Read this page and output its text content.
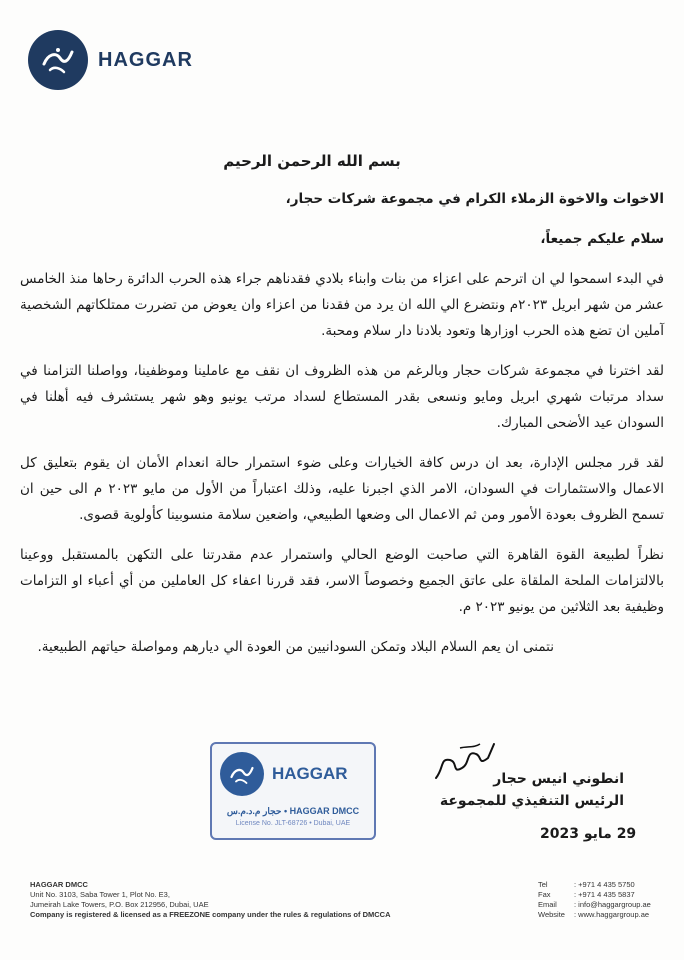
HAGGAR
بسم الله الرحمن الرحيم
الاخوات والاخوة الزملاء الكرام في مجموعة شركات حجار،
سلام عليكم جميعاً،
في البدء اسمحوا لي ان اترحم على اعزاء من بنات وابناء بلادي فقدناهم جراء هذه الحرب الدائرة رحاها منذ الخامس عشر من شهر ابريل ٢٠٢٣م ونتضرع الي الله ان يرد من فقدنا من اعزاء وان يعوض من تضررت ممتلكاتهم الشخصية آملين ان تضع هذه الحرب اوزارها وتعود بلادنا دار سلام ومحبة.
لقد اخترنا في مجموعة شركات حجار وبالرغم من هذه الظروف ان نقف مع عاملينا وموظفينا، وواصلنا التزامنا في سداد مرتبات شهري ابريل ومايو ونسعى بقدر المستطاع لسداد مرتب يونيو وهو شهر يستشرف فيه أهلنا في السودان عيد الأضحى المبارك.
لقد قرر مجلس الإدارة، بعد ان درس كافة الخيارات وعلى ضوء استمرار حالة انعدام الأمان ان يقوم بتعليق كل الاعمال والاستثمارات في السودان، الامر الذي اجبرنا عليه، وذلك اعتباراً من الأول من مايو ٢٠٢٣ م الى حين ان تسمح الظروف بعودة الأمور ومن ثم الاعمال الى وضعها الطبيعي، واضعين سلامة منسوبينا كأولوية قصوى.
نظراً لطبيعة القوة القاهرة التي صاحبت الوضع الحالي واستمرار عدم مقدرتنا على التكهن بالمستقبل ووعينا بالالتزامات الملحة الملقاة على عاتق الجميع وخصوصاً الاسر، فقد قررنا اعفاء كل العاملين من أي أعباء او التزامات وظيفية بعد الثلاثين من يونيو ٢٠٢٣ م.
نتمنى ان يعم السلام البلاد وتمكن السودانيين من العودة الي ديارهم ومواصلة حياتهم الطبيعية.
HAGGAR
حجار م.د.م.س • HAGGAR DMCC
License No. JLT-68726 • Dubai, UAE
انطوني انيس حجار
الرئيس التنفيذي للمجموعة
29 مايو 2023
HAGGAR DMCC
Unit No. 3103, Saba Tower 1, Plot No. E3,
Jumeirah Lake Towers, P.O. Box 212956, Dubai, UAE
Company is registered & licensed as a FREEZONE company under the rules & regulations of DMCCA
Tel	: +971 4 435 5750
Fax	: +971 4 435 5837
Email	: info@haggargroup.ae
Website	: www.haggargroup.ae
